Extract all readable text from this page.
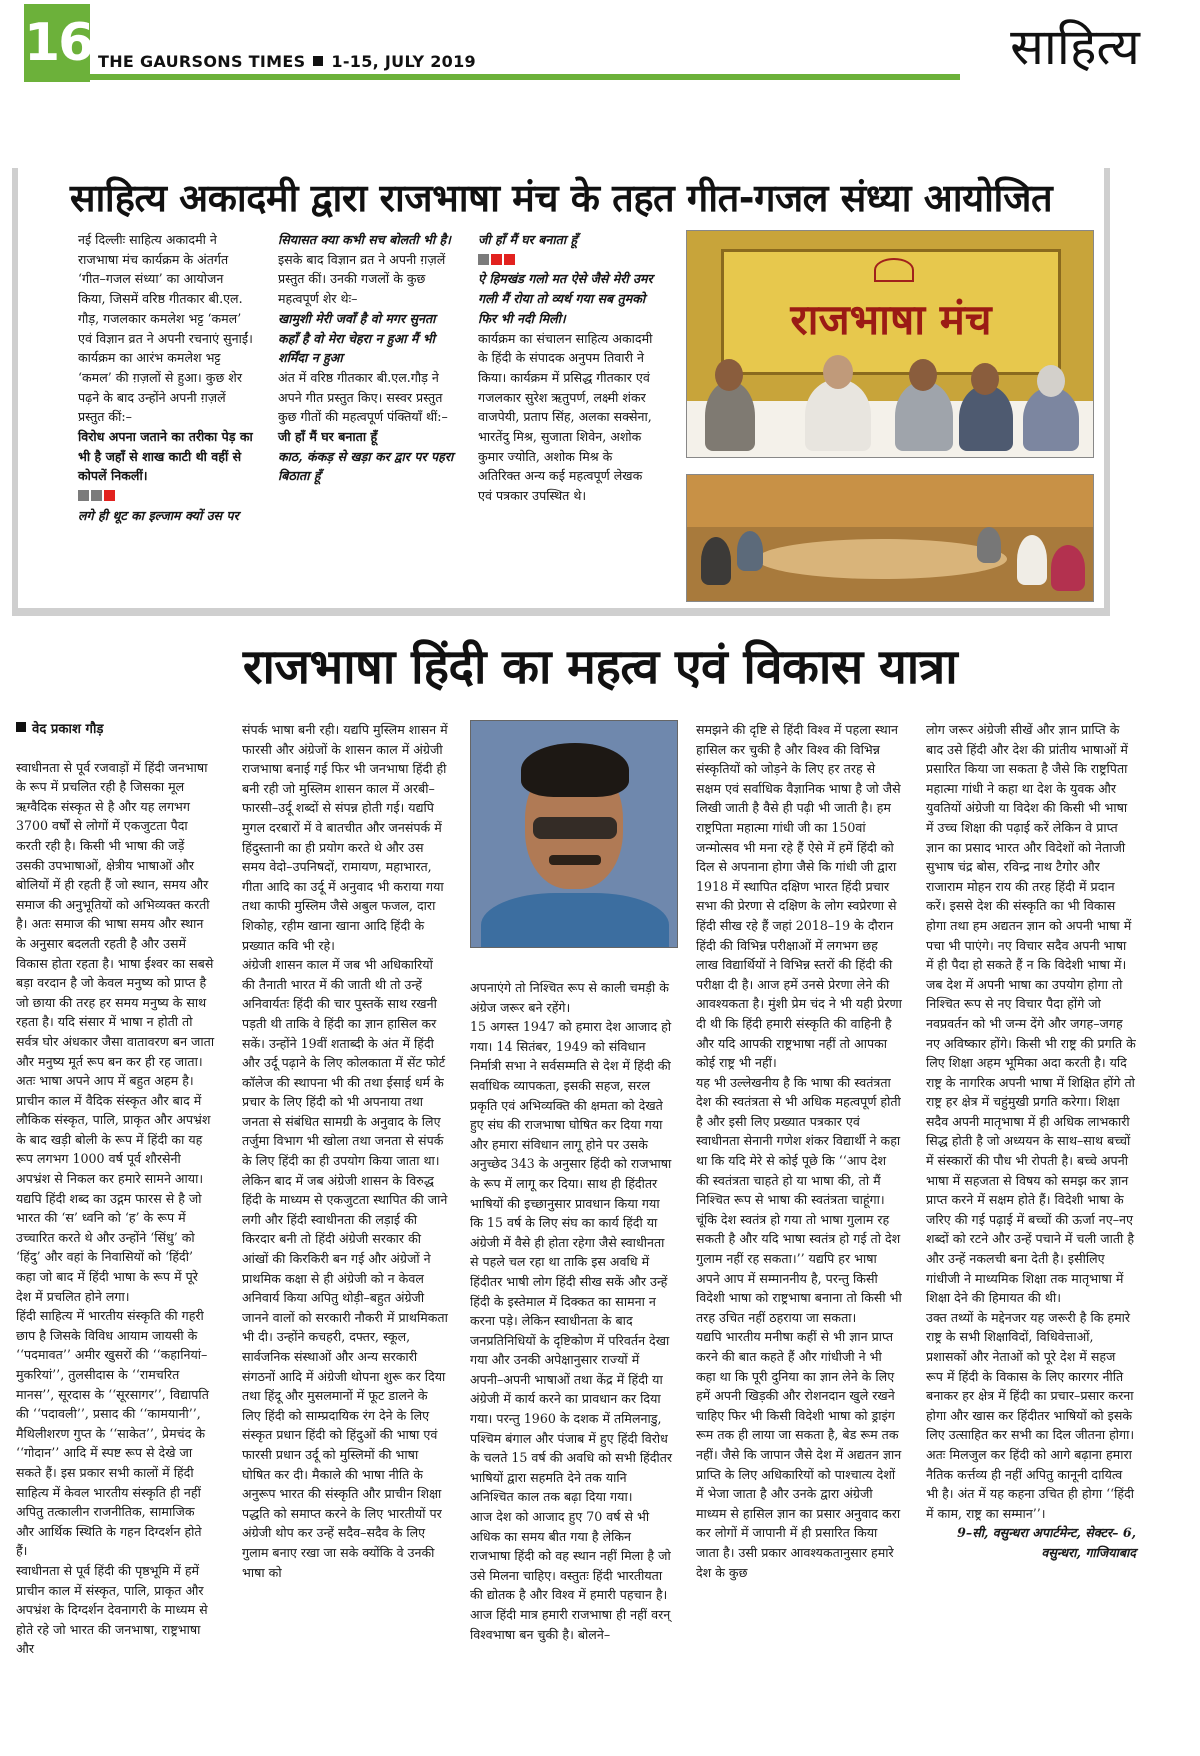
16 THE GAURSONS TIMES 1-15, JULY 2019	साहित्य
साहित्य अकादमी द्वारा राजभाषा मंच के तहत गीत-गजल संध्या आयोजित

नई दिल्लीः साहित्य अकादमी ने राजभाषा मंच कार्यक्रम के अंतर्गत ‘गीत–गजल संध्या’ का आयोजन किया, जिसमें वरिष्ठ गीतकार बी.एल. गौड़, गजलकार कमलेश भट्ट ‘कमल’ एवं विज्ञान व्रत ने अपनी रचनाएं सुनाईं। कार्यक्रम का आरंभ कमलेश भट्ट ‘कमल’ की ग़ज़लों से हुआ। कुछ शेर पढ़ने के बाद उन्होंने अपनी ग़ज़लें प्रस्तुत कीं:–

विरोध अपना जताने का तरीका पेड़ का भी है जहाँ से शाख काटी थी वहीं से कोपलें निकलीं।

लगे ही थूट का इल्जाम क्यों उस पर

सियासत क्या कभी सच बोलती भी है।

इसके बाद विज्ञान व्रत ने अपनी ग़ज़लें प्रस्तुत कीं। उनकी गजलों के कुछ महत्वपूर्ण शेर थेः–

खामुशी मेरी जवाँ है वो मगर सुनता कहाँ है वो मेरा चेहरा न हुआ मैं भी शर्मिंदा न हुआ

अंत में वरिष्ठ गीतकार बी.एल.गौड़ ने अपने गीत प्रस्तुत किए। सस्वर प्रस्तुत कुछ गीतों की महत्वपूर्ण पंक्तियाँ थीं:–

जी हाँ मैं घर बनाता हूँ

काठ, कंकड़ से खड़ा कर द्वार पर पहरा बिठाता हूँ

जी हाँ मैं घर बनाता हूँ

ऐ हिमखंड गलो मत ऐसे जैसे मेरी उमर गली मैं रोया तो व्यर्थ गया सब तुमको फिर भी नदी मिली।

कार्यक्रम का संचालन साहित्य अकादमी के हिंदी के संपादक अनुपम तिवारी ने किया। कार्यक्रम में प्रसिद्ध गीतकार एवं गजलकार सुरेश ऋतुपर्ण, लक्ष्मी शंकर वाजपेयी, प्रताप सिंह, अलका सक्सेना, भारतेंदु मिश्र, सुजाता शिवेन, अशोक कुमार ज्योति, अशोक मिश्र के अतिरिक्त अन्य कई महत्वपूर्ण लेखक एवं पत्रकार उपस्थित थे।

राजभाषा मंच
राजभाषा हिंदी का महत्व एवं विकास यात्रा
वेद प्रकाश गौड़

स्वाधीनता से पूर्व रजवाड़ों में हिंदी जनभाषा के रूप में प्रचलित रही है जिसका मूल ऋग्वैदिक संस्कृत से है और यह लगभग 3700 वर्षों से लोगों में एकजुटता पैदा करती रही है। किसी भी भाषा की जड़ें उसकी उपभाषाओं, क्षेत्रीय भाषाओं और बोलियों में ही रहती हैं जो स्थान, समय और समाज की अनुभूतियों को अभिव्यक्त करती है। अतः समाज की भाषा समय और स्थान के अनुसार बदलती रहती है और उसमें विकास होता रहता है। भाषा ईश्वर का सबसे बड़ा वरदान है जो केवल मनुष्य को प्राप्त है जो छाया की तरह हर समय मनुष्य के साथ रहता है। यदि संसार में भाषा न होती तो सर्वत्र घोर अंधकार जैसा वातावरण बन जाता और मनुष्य मूर्त रूप बन कर ही रह जाता। अतः भाषा अपने आप में बहुत अहम है।

प्राचीन काल में वैदिक संस्कृत और बाद में लौकिक संस्कृत, पालि, प्राकृत और अपभ्रंश के बाद खड़ी बोली के रूप में हिंदी का यह रूप लगभग 1000 वर्ष पूर्व शौरसेनी अपभ्रंश से निकल कर हमारे सामने आया। यद्यपि हिंदी शब्द का उद्गम फारस से है जो भारत की ‘स’ ध्वनि को ‘ह’ के रूप में उच्चारित करते थे और उन्होंने ‘सिंधु’ को ‘हिंदु’ और वहां के निवासियों को ‘हिंदी’ कहा जो बाद में हिंदी भाषा के रूप में पूरे देश में प्रचलित होने लगा।

हिंदी साहित्य में भारतीय संस्कृति की गहरी छाप है जिसके विविध आयाम जायसी के ‘‘पदमावत’’ अमीर खुसरों की ‘‘कहानियां–मुकरियां’’, तुलसीदास के ‘‘रामचरित मानस’’, सूरदास के ‘‘सूरसागर’’, विद्यापति की ‘‘पदावली’’, प्रसाद की ‘‘कामयानी’’, मैथिलीशरण गुप्त के ‘‘साकेत’’, प्रेमचंद के ‘‘गोदान’’ आदि में स्पष्ट रूप से देखे जा सकते हैं। इस प्रकार सभी कालों में हिंदी साहित्य में केवल भारतीय संस्कृति ही नहीं अपितु तत्कालीन राजनीतिक, सामाजिक और आर्थिक स्थिति के गहन दिग्दर्शन होते हैं।

स्वाधीनता से पूर्व हिंदी की पृष्ठभूमि में हमें प्राचीन काल में संस्कृत, पालि, प्राकृत और अपभ्रंश के दिग्दर्शन देवनागरी के माध्यम से होते रहे जो भारत की जनभाषा, राष्ट्रभाषा और

संपर्क भाषा बनी रही। यद्यपि मुस्लिम शासन में फारसी और अंग्रेजों के शासन काल में अंग्रेजी राजभाषा बनाई गई फिर भी जनभाषा हिंदी ही बनी रही जो मुस्लिम शासन काल में अरबी–फारसी–उर्दू शब्दों से संपन्न होती गई। यद्यपि मुगल दरबारों में वे बातचीत और जनसंपर्क में हिंदुस्तानी का ही प्रयोग करते थे और उस समय वेदो–उपनिषदों, रामायण, महाभारत, गीता आदि का उर्दू में अनुवाद भी कराया गया तथा काफी मुस्लिम जैसे अबुल फजल, दारा शिकोह, रहीम खाना खाना आदि हिंदी के प्रख्यात कवि भी रहे।

अंग्रेजी शासन काल में जब भी अधिकारियों की तैनाती भारत में की जाती थी तो उन्हें अनिवार्यतः हिंदी की चार पुस्तकें साथ रखनी पड़ती थी ताकि वे हिंदी का ज्ञान हासिल कर सकें। उन्होंने 19वीं शताब्दी के अंत में हिंदी और उर्दू पढ़ाने के लिए कोलकाता में सेंट फोर्ट कॉलेज की स्थापना भी की तथा ईसाई धर्म के प्रचार के लिए हिंदी को भी अपनाया तथा जनता से संबंधित सामग्री के अनुवाद के लिए तर्जुमा विभाग भी खोला तथा जनता से संपर्क के लिए हिंदी का ही उपयोग किया जाता था। लेकिन बाद में जब अंग्रेजी शासन के विरुद्ध हिंदी के माध्यम से एकजुटता स्थापित की जाने लगी और हिंदी स्वाधीनता की लड़ाई की किरदार बनी तो हिंदी अंग्रेजी सरकार की आंखों की किरकिरी बन गई और अंग्रेजों ने प्राथमिक कक्षा से ही अंग्रेजी को न केवल अनिवार्य किया अपितु थोड़ी–बहुत अंग्रेजी जानने वालों को सरकारी नौकरी में प्राथमिकता भी दी। उन्होंने कचहरी, दफ्तर, स्कूल, सार्वजनिक संस्थाओं और अन्य सरकारी संगठनों आदि में अंग्रेजी थोपना शुरू कर दिया तथा हिंदू और मुसलमानों में फूट डालने के लिए हिंदी को साम्प्रदायिक रंग देने के लिए संस्कृत प्रधान हिंदी को हिंदुओं की भाषा एवं फारसी प्रधान उर्दू को मुस्लिमों की भाषा घोषित कर दी। मैकाले की भाषा नीति के अनुरूप भारत की संस्कृति और प्राचीन शिक्षा पद्धति को समाप्त करने के लिए भारतीयों पर अंग्रेजी थोप कर उन्हें सदैव–सदैव के लिए गुलाम बनाए रखा जा सके क्योंकि वे उनकी भाषा को

अपनाएंगे तो निश्चित रूप से काली चमड़ी के अंग्रेज जरूर बने रहेंगे।

15 अगस्त 1947 को हमारा देश आजाद हो गया। 14 सितंबर, 1949 को संविधान निर्मात्री सभा ने सर्वसम्मति से देश में हिंदी की सर्वाधिक व्यापकता, इसकी सहज, सरल प्रकृति एवं अभिव्यक्ति की क्षमता को देखते हुए संघ की राजभाषा घोषित कर दिया गया और हमारा संविधान लागू होने पर उसके अनुच्छेद 343 के अनुसार हिंदी को राजभाषा के रूप में लागू कर दिया। साथ ही हिंदीतर भाषियों की इच्छानुसार प्रावधान किया गया कि 15 वर्ष के लिए संघ का कार्य हिंदी या अंग्रेजी में वैसे ही होता रहेगा जैसे स्वाधीनता से पहले चल रहा था ताकि इस अवधि में हिंदीतर भाषी लोग हिंदी सीख सकें और उन्हें हिंदी के इस्तेमाल में दिक्कत का सामना न करना पड़े। लेकिन स्वाधीनता के बाद जनप्रतिनिधियों के दृष्टिकोण में परिवर्तन देखा गया और उनकी अपेक्षानुसार राज्यों में अपनी–अपनी भाषाओं तथा केंद्र में हिंदी या अंग्रेजी में कार्य करने का प्रावधान कर दिया गया। परन्तु 1960 के दशक में तमिलनाडु, पश्चिम बंगाल और पंजाब में हुए हिंदी विरोध के चलते 15 वर्ष की अवधि को सभी हिंदीतर भाषियों द्वारा सहमति देने तक यानि अनिश्चित काल तक बढ़ा दिया गया।

आज देश को आजाद हुए 70 वर्ष से भी अधिक का समय बीत गया है लेकिन राजभाषा हिंदी को वह स्थान नहीं मिला है जो उसे मिलना चाहिए। वस्तुतः हिंदी भारतीयता की द्योतक है और विश्व में हमारी पहचान है। आज हिंदी मात्र हमारी राजभाषा ही नहीं वरन् विश्वभाषा बन चुकी है। बोलने–

समझने की दृष्टि से हिंदी विश्व में पहला स्थान हासिल कर चुकी है और विश्व की विभिन्न संस्कृतियों को जोड़ने के लिए हर तरह से सक्षम एवं सर्वाधिक वैज्ञानिक भाषा है जो जैसे लिखी जाती है वैसे ही पढ़ी भी जाती है। हम राष्ट्रपिता महात्मा गांधी जी का 150वां जन्मोत्सव भी मना रहे हैं ऐसे में हमें हिंदी को दिल से अपनाना होगा जैसे कि गांधी जी द्वारा 1918 में स्थापित दक्षिण भारत हिंदी प्रचार सभा की प्रेरणा से दक्षिण के लोग स्वप्रेरणा से हिंदी सीख रहे हैं जहां 2018–19 के दौरान हिंदी की विभिन्न परीक्षाओं में लगभग छह लाख विद्यार्थियों ने विभिन्न स्तरों की हिंदी की परीक्षा दी है। आज हमें उनसे प्रेरणा लेने की आवश्यकता है। मुंशी प्रेम चंद ने भी यही प्रेरणा दी थी कि हिंदी हमारी संस्कृति की वाहिनी है और यदि आपकी राष्ट्रभाषा नहीं तो आपका कोई राष्ट्र भी नहीं।

यह भी उल्लेखनीय है कि भाषा की स्वतंत्रता देश की स्वतंत्रता से भी अधिक महत्वपूर्ण होती है और इसी लिए प्रख्यात पत्रकार एवं स्वाधीनता सेनानी गणेश शंकर विद्यार्थी ने कहा था कि यदि मेरे से कोई पूछे कि ‘‘आप देश की स्वतंत्रता चाहते हो या भाषा की, तो मैं निश्चित रूप से भाषा की स्वतंत्रता चाहूंगा। चूंकि देश स्वतंत्र हो गया तो भाषा गुलाम रह सकती है और यदि भाषा स्वतंत्र हो गई तो देश गुलाम नहीं रह सकता।’’ यद्यपि हर भाषा अपने आप में सम्माननीय है, परन्तु किसी विदेशी भाषा को राष्ट्रभाषा बनाना तो किसी भी तरह उचित नहीं ठहराया जा सकता।

यद्यपि भारतीय मनीषा कहीं से भी ज्ञान प्राप्त करने की बात कहते हैं और गांधीजी ने भी कहा था कि पूरी दुनिया का ज्ञान लेने के लिए हमें अपनी खिड़की और रोशनदान खुले रखने चाहिए फिर भी किसी विदेशी भाषा को ड्राइंग रूम तक ही लाया जा सकता है, बेड रूम तक नहीं। जैसे कि जापान जैसे देश में अद्यतन ज्ञान प्राप्ति के लिए अधिकारियों को पाश्चात्य देशों में भेजा जाता है और उनके द्वारा अंग्रेजी माध्यम से हासिल ज्ञान का प्रसार अनुवाद करा कर लोगों में जापानी में ही प्रसारित किया जाता है। उसी प्रकार आवश्यकतानुसार हमारे देश के कुछ

लोग जरूर अंग्रेजी सीखें और ज्ञान प्राप्ति के बाद उसे हिंदी और देश की प्रांतीय भाषाओं में प्रसारित किया जा सकता है जैसे कि राष्ट्रपिता महात्मा गांधी ने कहा था देश के युवक और युवतियों अंग्रेजी या विदेश की किसी भी भाषा में उच्च शिक्षा की पढ़ाई करें लेकिन वे प्राप्त ज्ञान का प्रसाद भारत और विदेशों को नेताजी सुभाष चंद्र बोस, रविन्द्र नाथ टैगोर और राजाराम मोहन राय की तरह हिंदी में प्रदान करें। इससे देश की संस्कृति का भी विकास होगा तथा हम अद्यतन ज्ञान को अपनी भाषा में पचा भी पाएंगे। नए विचार सदैव अपनी भाषा में ही पैदा हो सकते हैं न कि विदेशी भाषा में। जब देश में अपनी भाषा का उपयोग होगा तो निश्चित रूप से नए विचार पैदा होंगे जो नवप्रवर्तन को भी जन्म देंगे और जगह–जगह नए अविष्कार होंगे। किसी भी राष्ट्र की प्रगति के लिए शिक्षा अहम भूमिका अदा करती है। यदि राष्ट्र के नागरिक अपनी भाषा में शिक्षित होंगे तो राष्ट्र हर क्षेत्र में चहुंमुखी प्रगति करेगा। शिक्षा सदैव अपनी मातृभाषा में ही अधिक लाभकारी सिद्ध होती है जो अध्ययन के साथ–साथ बच्चों में संस्कारों की पौध भी रोपती है। बच्चे अपनी भाषा में सहजता से विषय को समझ कर ज्ञान प्राप्त करने में सक्षम होते हैं। विदेशी भाषा के जरिए की गई पढ़ाई में बच्चों की ऊर्जा नए–नए शब्दों को रटने और उन्हें पचाने में चली जाती है और उन्हें नकलची बना देती है। इसीलिए गांधीजी ने माध्यमिक शिक्षा तक मातृभाषा में शिक्षा देने की हिमायत की थी।

उक्त तथ्यों के मद्देनजर यह जरूरी है कि हमारे राष्ट्र के सभी शिक्षाविदों, विधिवेत्ताओं, प्रशासकों और नेताओं को पूरे देश में सहज रूप में हिंदी के विकास के लिए कारगर नीति बनाकर हर क्षेत्र में हिंदी का प्रचार–प्रसार करना होगा और खास कर हिंदीतर भाषियों को इसके लिए उत्साहित कर सभी का दिल जीतना होगा। अतः मिलजुल कर हिंदी को आगे बढ़ाना हमारा नैतिक कर्त्तव्य ही नहीं अपितु कानूनी दायित्व भी है। अंत में यह कहना उचित ही होगा ‘‘हिंदी में काम, राष्ट्र का सम्मान’’।

9–सी, वसुन्धरा अपार्टमेन्ट, सेक्टर– 6, वसुन्धरा, गाजियाबाद
